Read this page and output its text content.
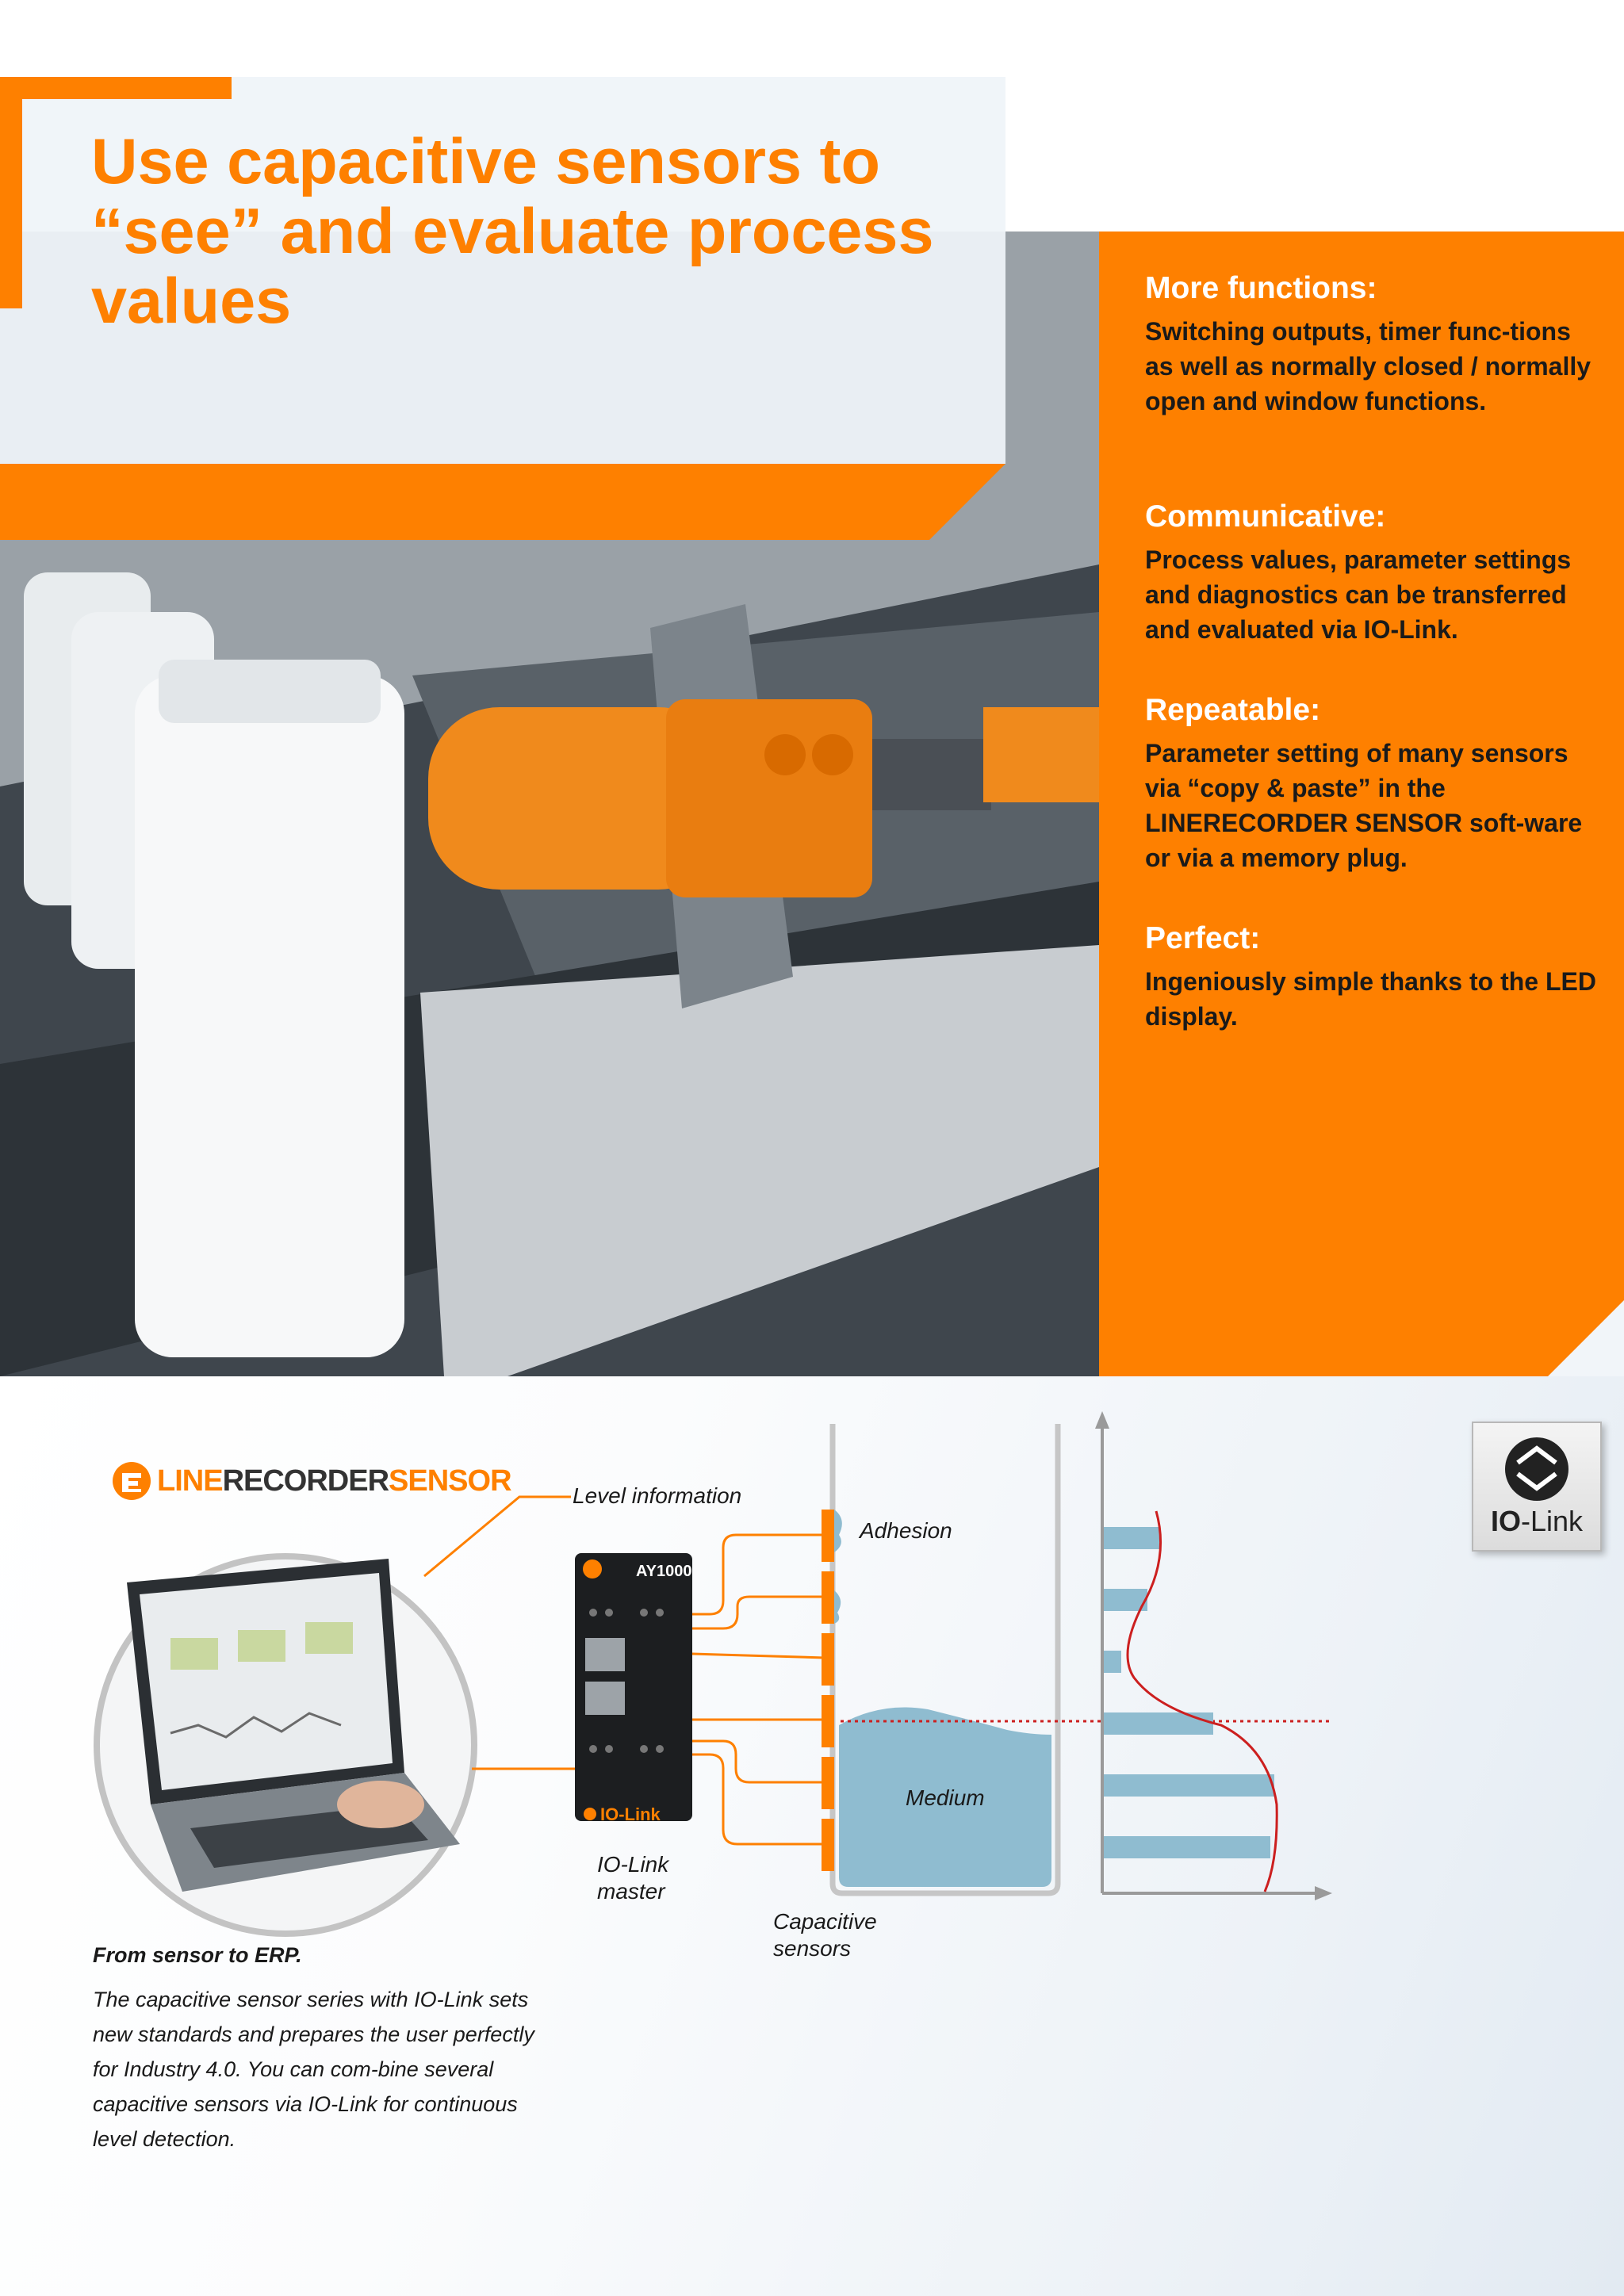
Use capacitive sensors to “see” and evaluate process values	More functions:

Switching outputs, timer func-tions as well as normally closed / normally open and window functions.

Communicative:

Process values, parameter settings and diagnostics can be transferred and evaluated via IO-Link.

Repeatable:

Parameter setting of many sensors via “copy & paste” in the LINERECORDER SENSOR soft-ware or via a memory plug.

Perfect:

Ingeniously simple thanks to the LED display.

AY1000
IO-Link
LINE RECORDER SENSOR	Level information

Adhesion

Medium

IO-Link master

Capacitive sensors

From sensor to ERP.

The capacitive sensor series with IO-Link sets new standards and prepares the user perfectly for Industry 4.0. You can com-bine several capacitive sensors via IO-Link for continuous level detection.

IO-Link
